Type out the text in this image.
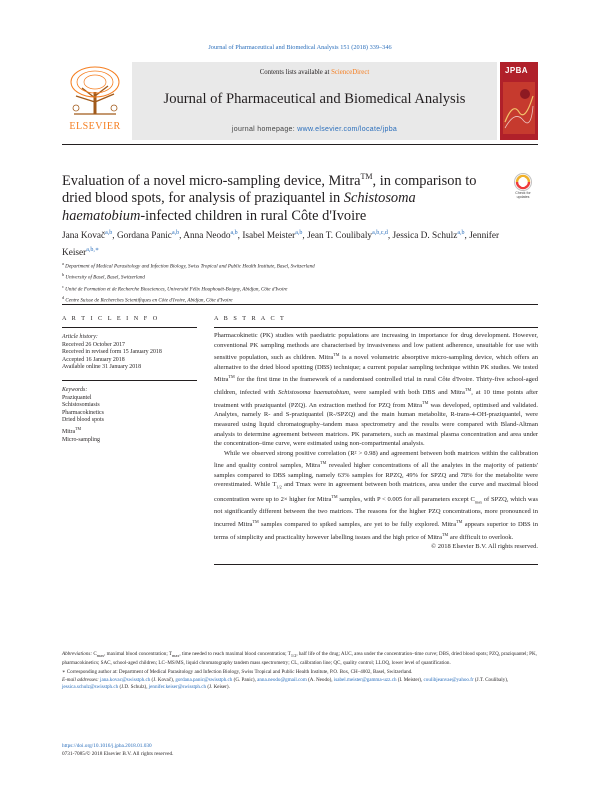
Journal of Pharmaceutical and Biomedical Analysis 151 (2018) 339–346
ELSEVIER
Contents lists available at ScienceDirect
Journal of Pharmaceutical and Biomedical Analysis
journal homepage: www.elsevier.com/locate/jpba
JPBA
Evaluation of a novel micro-sampling device, Mitra™, in comparison to dried blood spots, for analysis of praziquantel in Schistosoma haematobium-infected children in rural Côte d'Ivoire
Check for
updates
Jana Kovač$^{a,b}$, Gordana Panic$^{a,b}$, Anna Neodo$^{a,b}$, Isabel Meister$^{a,b}$, Jean T. Coulibaly$^{a,b,c,d}$, Jessica D. Schulz$^{a,b}$, Jennifer Keiser$^{a,b,∗}$
$^a$ Department of Medical Parasitology and Infection Biology, Swiss Tropical and Public Health Institute, Basel, Switzerland
$^b$ University of Basel, Basel, Switzerland
$^c$ Unité de Formation et de Recherche Biosciences, Université Félix Houphouët-Boigny, Abidjan, Côte d'Ivoire
$^d$ Centre Suisse de Recherches Scientifiques en Côte d'Ivoire, Abidjan, Côte d'Ivoire
A R T I C L E I N F O	A B S T R A C T
Article history:
Received 26 October 2017
Received in revised form 15 January 2018
Accepted 16 January 2018
Available online 31 January 2018
Keywords:
Praziquantel
Schistosomiasis
Pharmacokinetics
Dried blood spots
Mitra™
Micro-sampling

Pharmacokinetic (PK) studies with paediatric populations are increasing in importance for drug development. However, conventional PK sampling methods are characterised by invasiveness and low patient adherence, unsuitable for use with sensitive population, such as children. Mitra™ is a novel volumetric absorptive micro-sampling device, which offers an alternative to the dried blood spotting (DBS) technique; a current popular sampling technique within PK studies. We tested Mitra™ for the first time in the framework of a randomised controlled trial in rural Côte d'Ivoire. Thirty-five school-aged children, infected with Schistosoma haematobium, were sampled with both DBS and Mitra™, at 10 time points after treatment with praziquantel (PZQ). An extraction method for PZQ from Mitra™ was developed, optimised and validated. Analytes, namely R- and S-praziquantel (R-/SPZQ) and the main human metabolite, R-trans-4-OH-praziquantel, were measured using liquid chromatography–tandem mass spectrometry and the results were compared with Bland-Altman analysis to determine agreement between matrices. PK parameters, such as maximal plasma concentration and area under the concentration–time curve, were estimated using non-compartmental analysis.

While we observed strong positive correlation (R² > 0.98) and agreement between both matrices within the calibration line and quality control samples, Mitra™ revealed higher concentrations of all the analytes in the majority of patients' samples compared to DBS sampling, namely 63% samples for RPZQ, 49% for SPZQ and 78% for the metabolite were overestimated. While $T_{1/2}$ and Tmax were in agreement between both matrices, area under the curve and maximal blood concentration were up to 2× higher for Mitra™ samples, with P < 0.005 for all parameters except $C_{max}$ of SPZQ, which was not significantly different between the two matrices. The reasons for the higher PZQ concentrations, more pronounced in incurred Mitra™ samples compared to spiked samples, are yet to be fully explored. Mitra™ appears superior to DBS in terms of simplicity and practicality however labelling issues and the high price of Mitra™ are difficult to overlook.

© 2018 Elsevier B.V. All rights reserved.

Abbreviations: $C_{max}$, maximal blood concentration; $T_{max}$, time needed to reach maximal blood concentration; $T_{1/2}$, half life of the drug; AUC, area under the concentration–time curve; DBS, dried blood spots; PZQ, praziquantel; PK, pharmacokinetics; SAC, school-aged children; LC–MS/MS, liquid chromatography tandem mass spectrometry; CL, calibration line; QC, quality control; LLOQ, lower level of quantification.
∗ Corresponding author at: Department of Medical Parasitology and Infection Biology, Swiss Tropical and Public Health Institute, P.O. Box, CH–4002, Basel, Switzerland.
E-mail addresses: jana.kovac@swisstph.ch (J. Kovač), gordana.panic@swisstph.ch (G. Panic), anna.neodo@gmail.com (A. Neodo), isabel.meister@gamma-uzz.ch (I. Meister), coulibjeanvae@yahoo.fr (J.T. Coulibaly), jessica.schulz@swisstph.ch (J.D. Schulz), jennifer.keiser@swisstph.ch (J. Keiser).
https://doi.org/10.1016/j.jpba.2018.01.030
0731-7085/© 2018 Elsevier B.V. All rights reserved.
